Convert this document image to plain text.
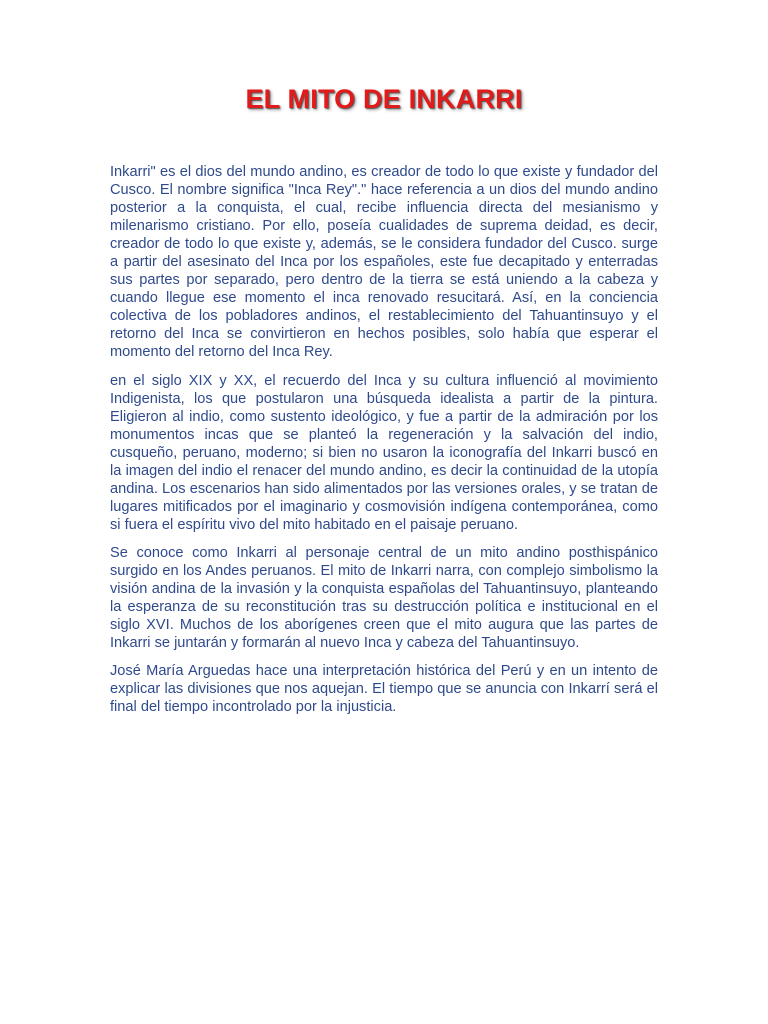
EL MITO DE INKARRI

Inkarri" es el dios del mundo andino, es creador de todo lo que existe y fundador del Cusco. El nombre significa "Inca Rey"." hace referencia a un dios del mundo andino posterior a la conquista, el cual, recibe influencia directa del mesianismo y milenarismo cristiano. Por ello, poseía cualidades de suprema deidad, es decir, creador de todo lo que existe y, además, se le considera fundador del Cusco. surge a partir del asesinato del Inca por los españoles, este fue decapitado y enterradas sus partes por separado, pero dentro de la tierra se está uniendo a la cabeza y cuando llegue ese momento el inca renovado resucitará. Así, en la conciencia colectiva de los pobladores andinos, el restablecimiento del Tahuantinsuyo y el retorno del Inca se convirtieron en hechos posibles, solo había que esperar el momento del retorno del Inca Rey.

en el siglo XIX y XX, el recuerdo del Inca y su cultura influenció al movimiento Indigenista, los que postularon una búsqueda idealista a partir de la pintura. Eligieron al indio, como sustento ideológico, y fue a partir de la admiración por los monumentos incas que se planteó la regeneración y la salvación del indio, cusqueño, peruano, moderno; si bien no usaron la iconografía del Inkarri buscó en la imagen del indio el renacer del mundo andino, es decir la continuidad de la utopía andina. Los escenarios han sido alimentados por las versiones orales, y se tratan de lugares mitificados por el imaginario y cosmovisión indígena contemporánea, como si fuera el espíritu vivo del mito habitado en el paisaje peruano.

Se conoce como Inkarri al personaje central de un mito andino posthispánico surgido en los Andes peruanos. El mito de Inkarri narra, con complejo simbolismo la visión andina de la invasión y la conquista españolas del Tahuantinsuyo, planteando la esperanza de su reconstitución tras su destrucción política e institucional en el siglo XVI. Muchos de los aborígenes creen que el mito augura que las partes de Inkarri se juntarán y formarán al nuevo Inca y cabeza del Tahuantinsuyo.

José María Arguedas hace una interpretación histórica del Perú y en un intento de explicar las divisiones que nos aquejan. El tiempo que se anuncia con Inkarrí será el final del tiempo incontrolado por la injusticia.
